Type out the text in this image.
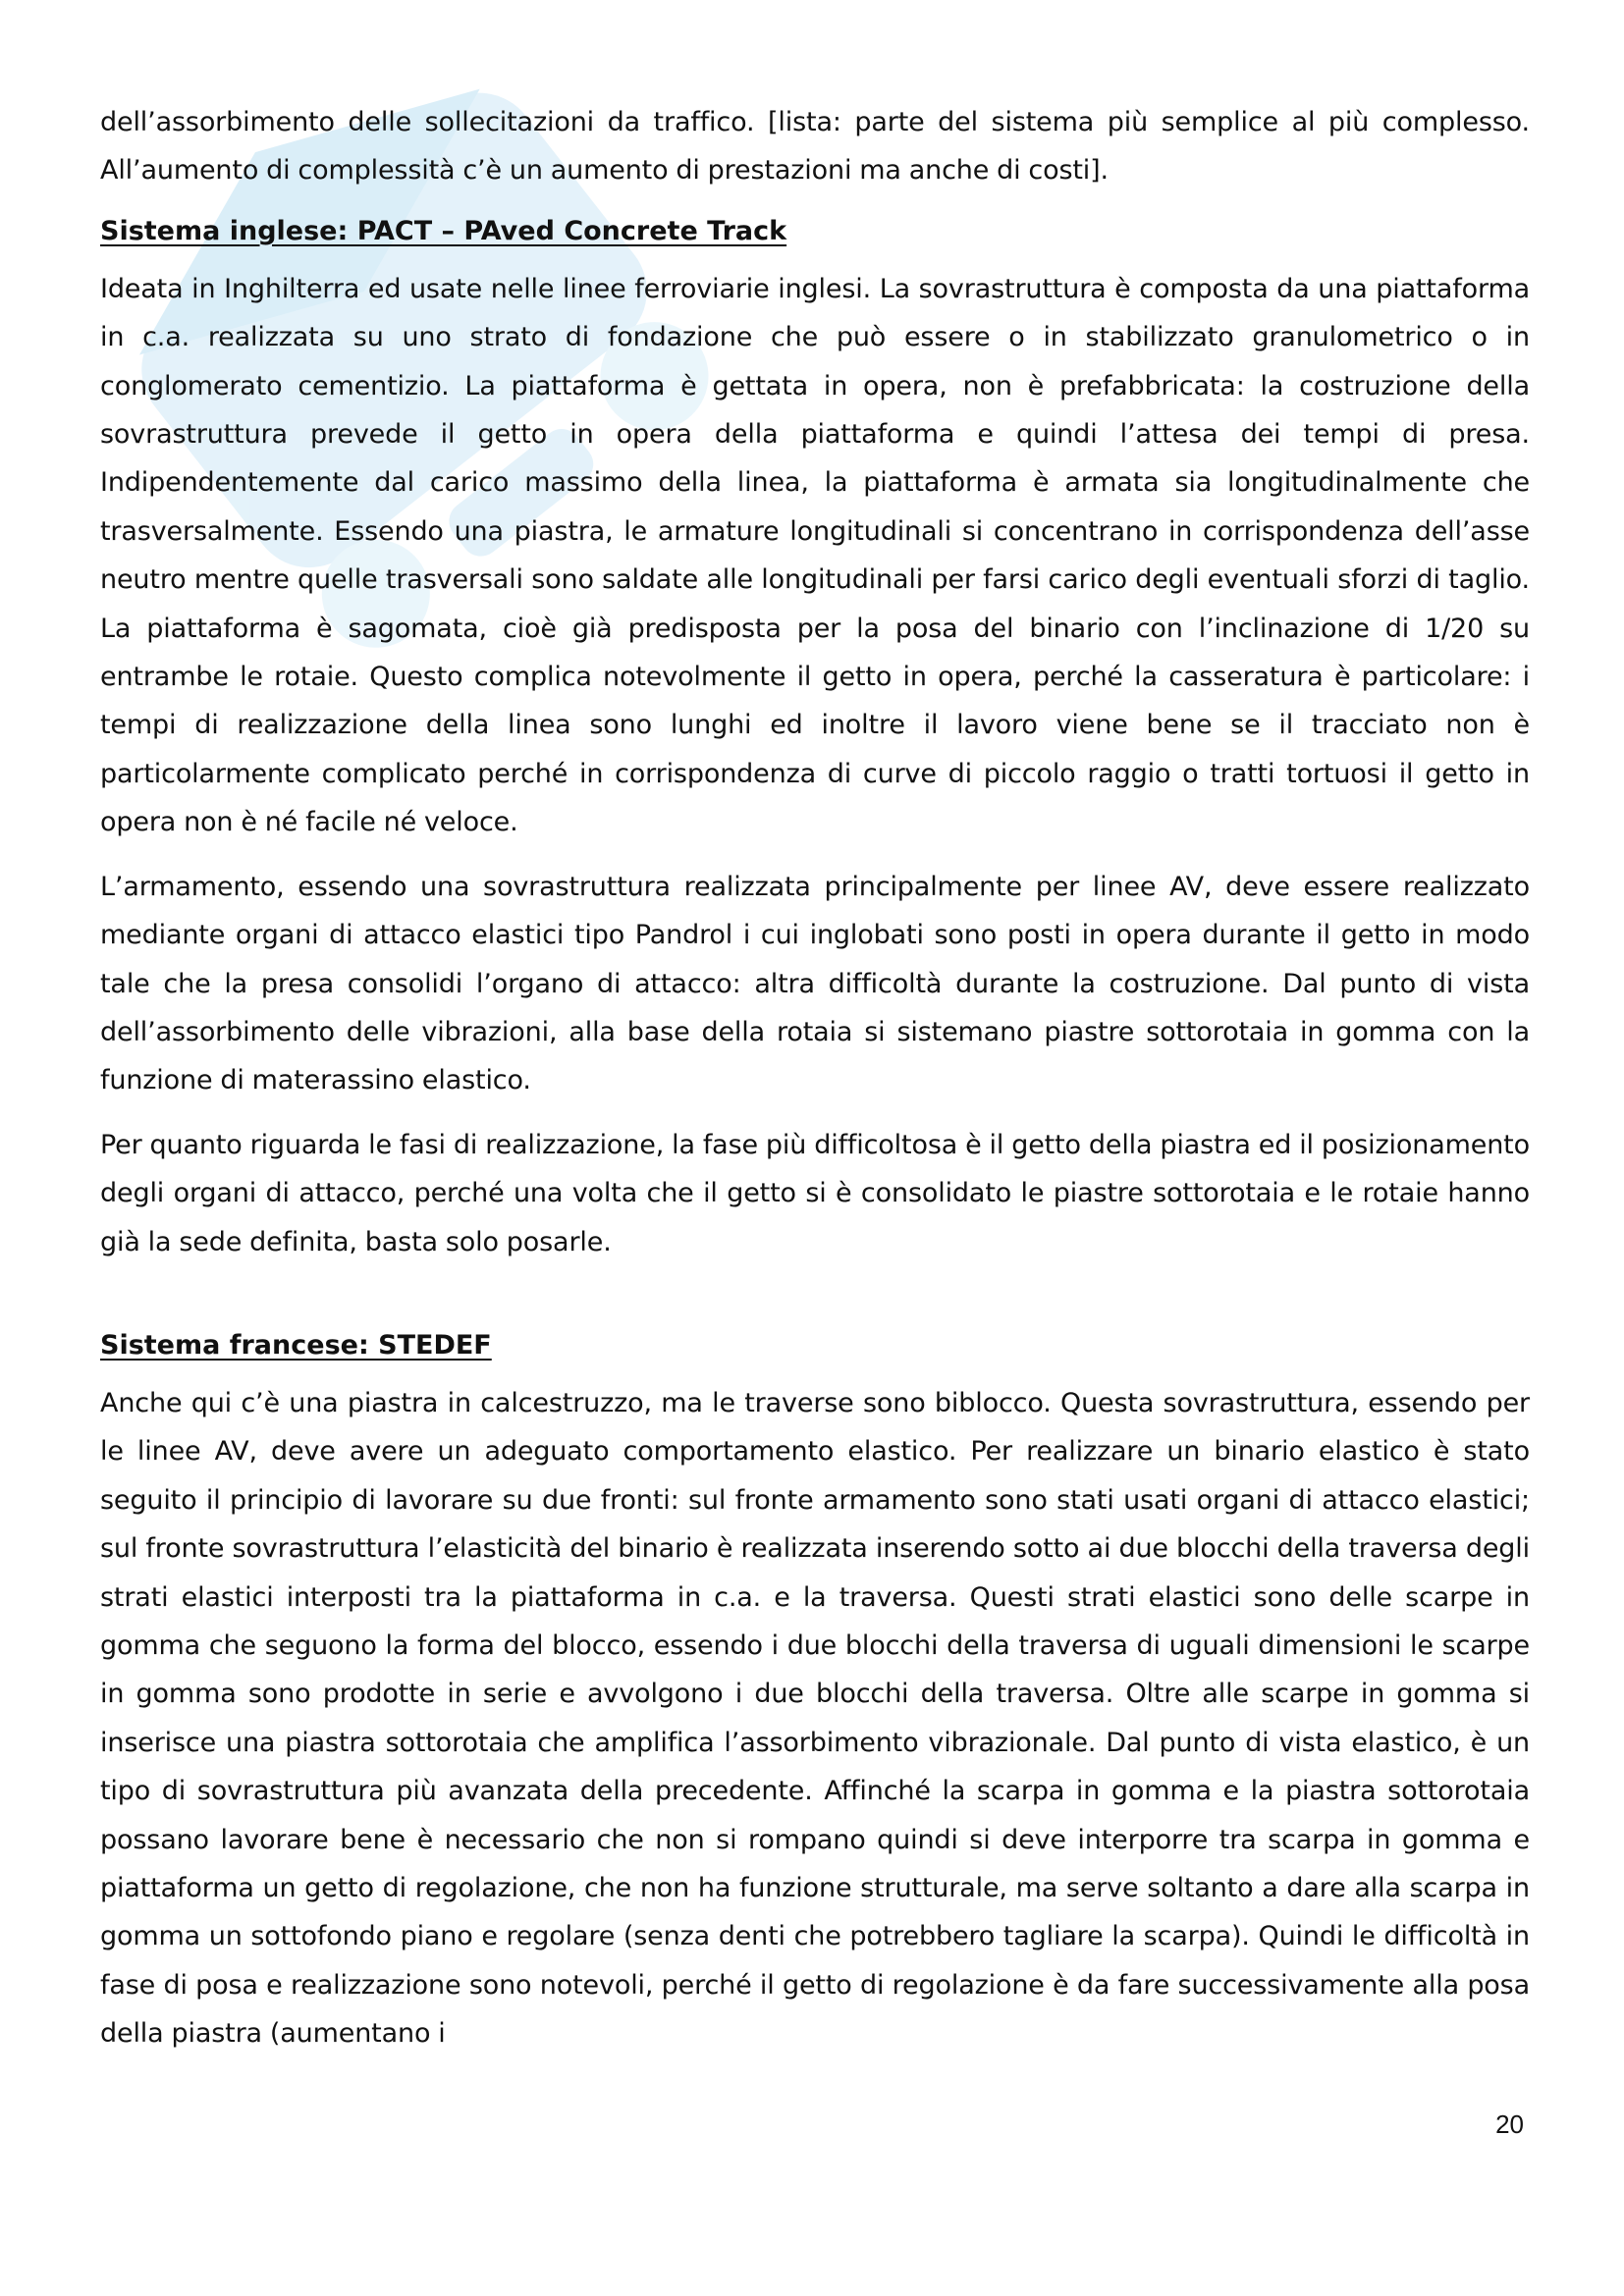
dell’assorbimento delle sollecitazioni da traffico. [lista: parte del sistema più semplice al più complesso. All’aumento di complessità c’è un aumento di prestazioni ma anche di costi].

Sistema inglese: PACT – PAved Concrete Track

Ideata in Inghilterra ed usate nelle linee ferroviarie inglesi. La sovrastruttura è composta da una piattaforma in c.a. realizzata su uno strato di fondazione che può essere o in stabilizzato granulometrico o in conglomerato cementizio. La piattaforma è gettata in opera, non è prefabbricata: la costruzione della sovrastruttura prevede il getto in opera della piattaforma e quindi l’attesa dei tempi di presa. Indipendentemente dal carico massimo della linea, la piattaforma è armata sia longitudinalmente che trasversalmente. Essendo una piastra, le armature longitudinali si concentrano in corrispondenza dell’asse neutro mentre quelle trasversali sono saldate alle longitudinali per farsi carico degli eventuali sforzi di taglio. La piattaforma è sagomata, cioè già predisposta per la posa del binario con l’inclinazione di 1/20 su entrambe le rotaie. Questo complica notevolmente il getto in opera, perché la casseratura è particolare: i tempi di realizzazione della linea sono lunghi ed inoltre il lavoro viene bene se il tracciato non è particolarmente complicato perché in corrispondenza di curve di piccolo raggio o tratti tortuosi il getto in opera non è né facile né veloce.

L’armamento, essendo una sovrastruttura realizzata principalmente per linee AV, deve essere realizzato mediante organi di attacco elastici tipo Pandrol i cui inglobati sono posti in opera durante il getto in modo tale che la presa consolidi l’organo di attacco: altra difficoltà durante la costruzione. Dal punto di vista dell’assorbimento delle vibrazioni, alla base della rotaia si sistemano piastre sottorotaia in gomma con la funzione di materassino elastico.

Per quanto riguarda le fasi di realizzazione, la fase più difficoltosa è il getto della piastra ed il posizionamento degli organi di attacco, perché una volta che il getto si è consolidato le piastre sottorotaia e le rotaie hanno già la sede definita, basta solo posarle.

Sistema francese: STEDEF

Anche qui c’è una piastra in calcestruzzo, ma le traverse sono biblocco. Questa sovrastruttura, essendo per le linee AV, deve avere un adeguato comportamento elastico. Per realizzare un binario elastico è stato seguito il principio di lavorare su due fronti: sul fronte armamento sono stati usati organi di attacco elastici; sul fronte sovrastruttura l’elasticità del binario è realizzata inserendo sotto ai due blocchi della traversa degli strati elastici interposti tra la piattaforma in c.a. e la traversa. Questi strati elastici sono delle scarpe in gomma che seguono la forma del blocco, essendo i due blocchi della traversa di uguali dimensioni le scarpe in gomma sono prodotte in serie e avvolgono i due blocchi della traversa. Oltre alle scarpe in gomma si inserisce una piastra sottorotaia che amplifica l’assorbimento vibrazionale. Dal punto di vista elastico, è un tipo di sovrastruttura più avanzata della precedente. Affinché la scarpa in gomma e la piastra sottorotaia possano lavorare bene è necessario che non si rompano quindi si deve interporre tra scarpa in gomma e piattaforma un getto di regolazione, che non ha funzione strutturale, ma serve soltanto a dare alla scarpa in gomma un sottofondo piano e regolare (senza denti che potrebbero tagliare la scarpa). Quindi le difficoltà in fase di posa e realizzazione sono notevoli, perché il getto di regolazione è da fare successivamente alla posa della piastra (aumentano i

20
